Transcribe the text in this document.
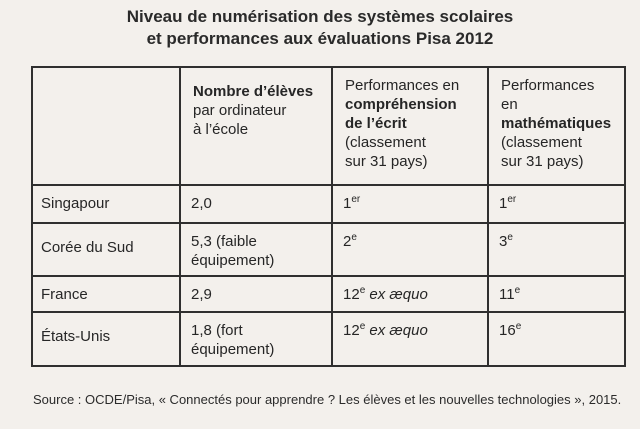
Niveau de numérisation des systèmes scolaires
et performances aux évaluations Pisa 2012

	Nombre d’élèves
par ordinateur
à l’école	Performances en
compréhension
de l’écrit
(classement
sur 31 pays)	Performances en
mathématiques
(classement
sur 31 pays)

Singapour	2,0	1er	1er

Corée du Sud	5,3 (faible
équipement)	2e	3e

France	2,9	12e ex æquo	11e

États-Unis	1,8 (fort
équipement)	12e ex æquo	16e
Source : OCDE/Pisa, « Connectés pour apprendre ? Les élèves et les nouvelles technologies », 2015.
